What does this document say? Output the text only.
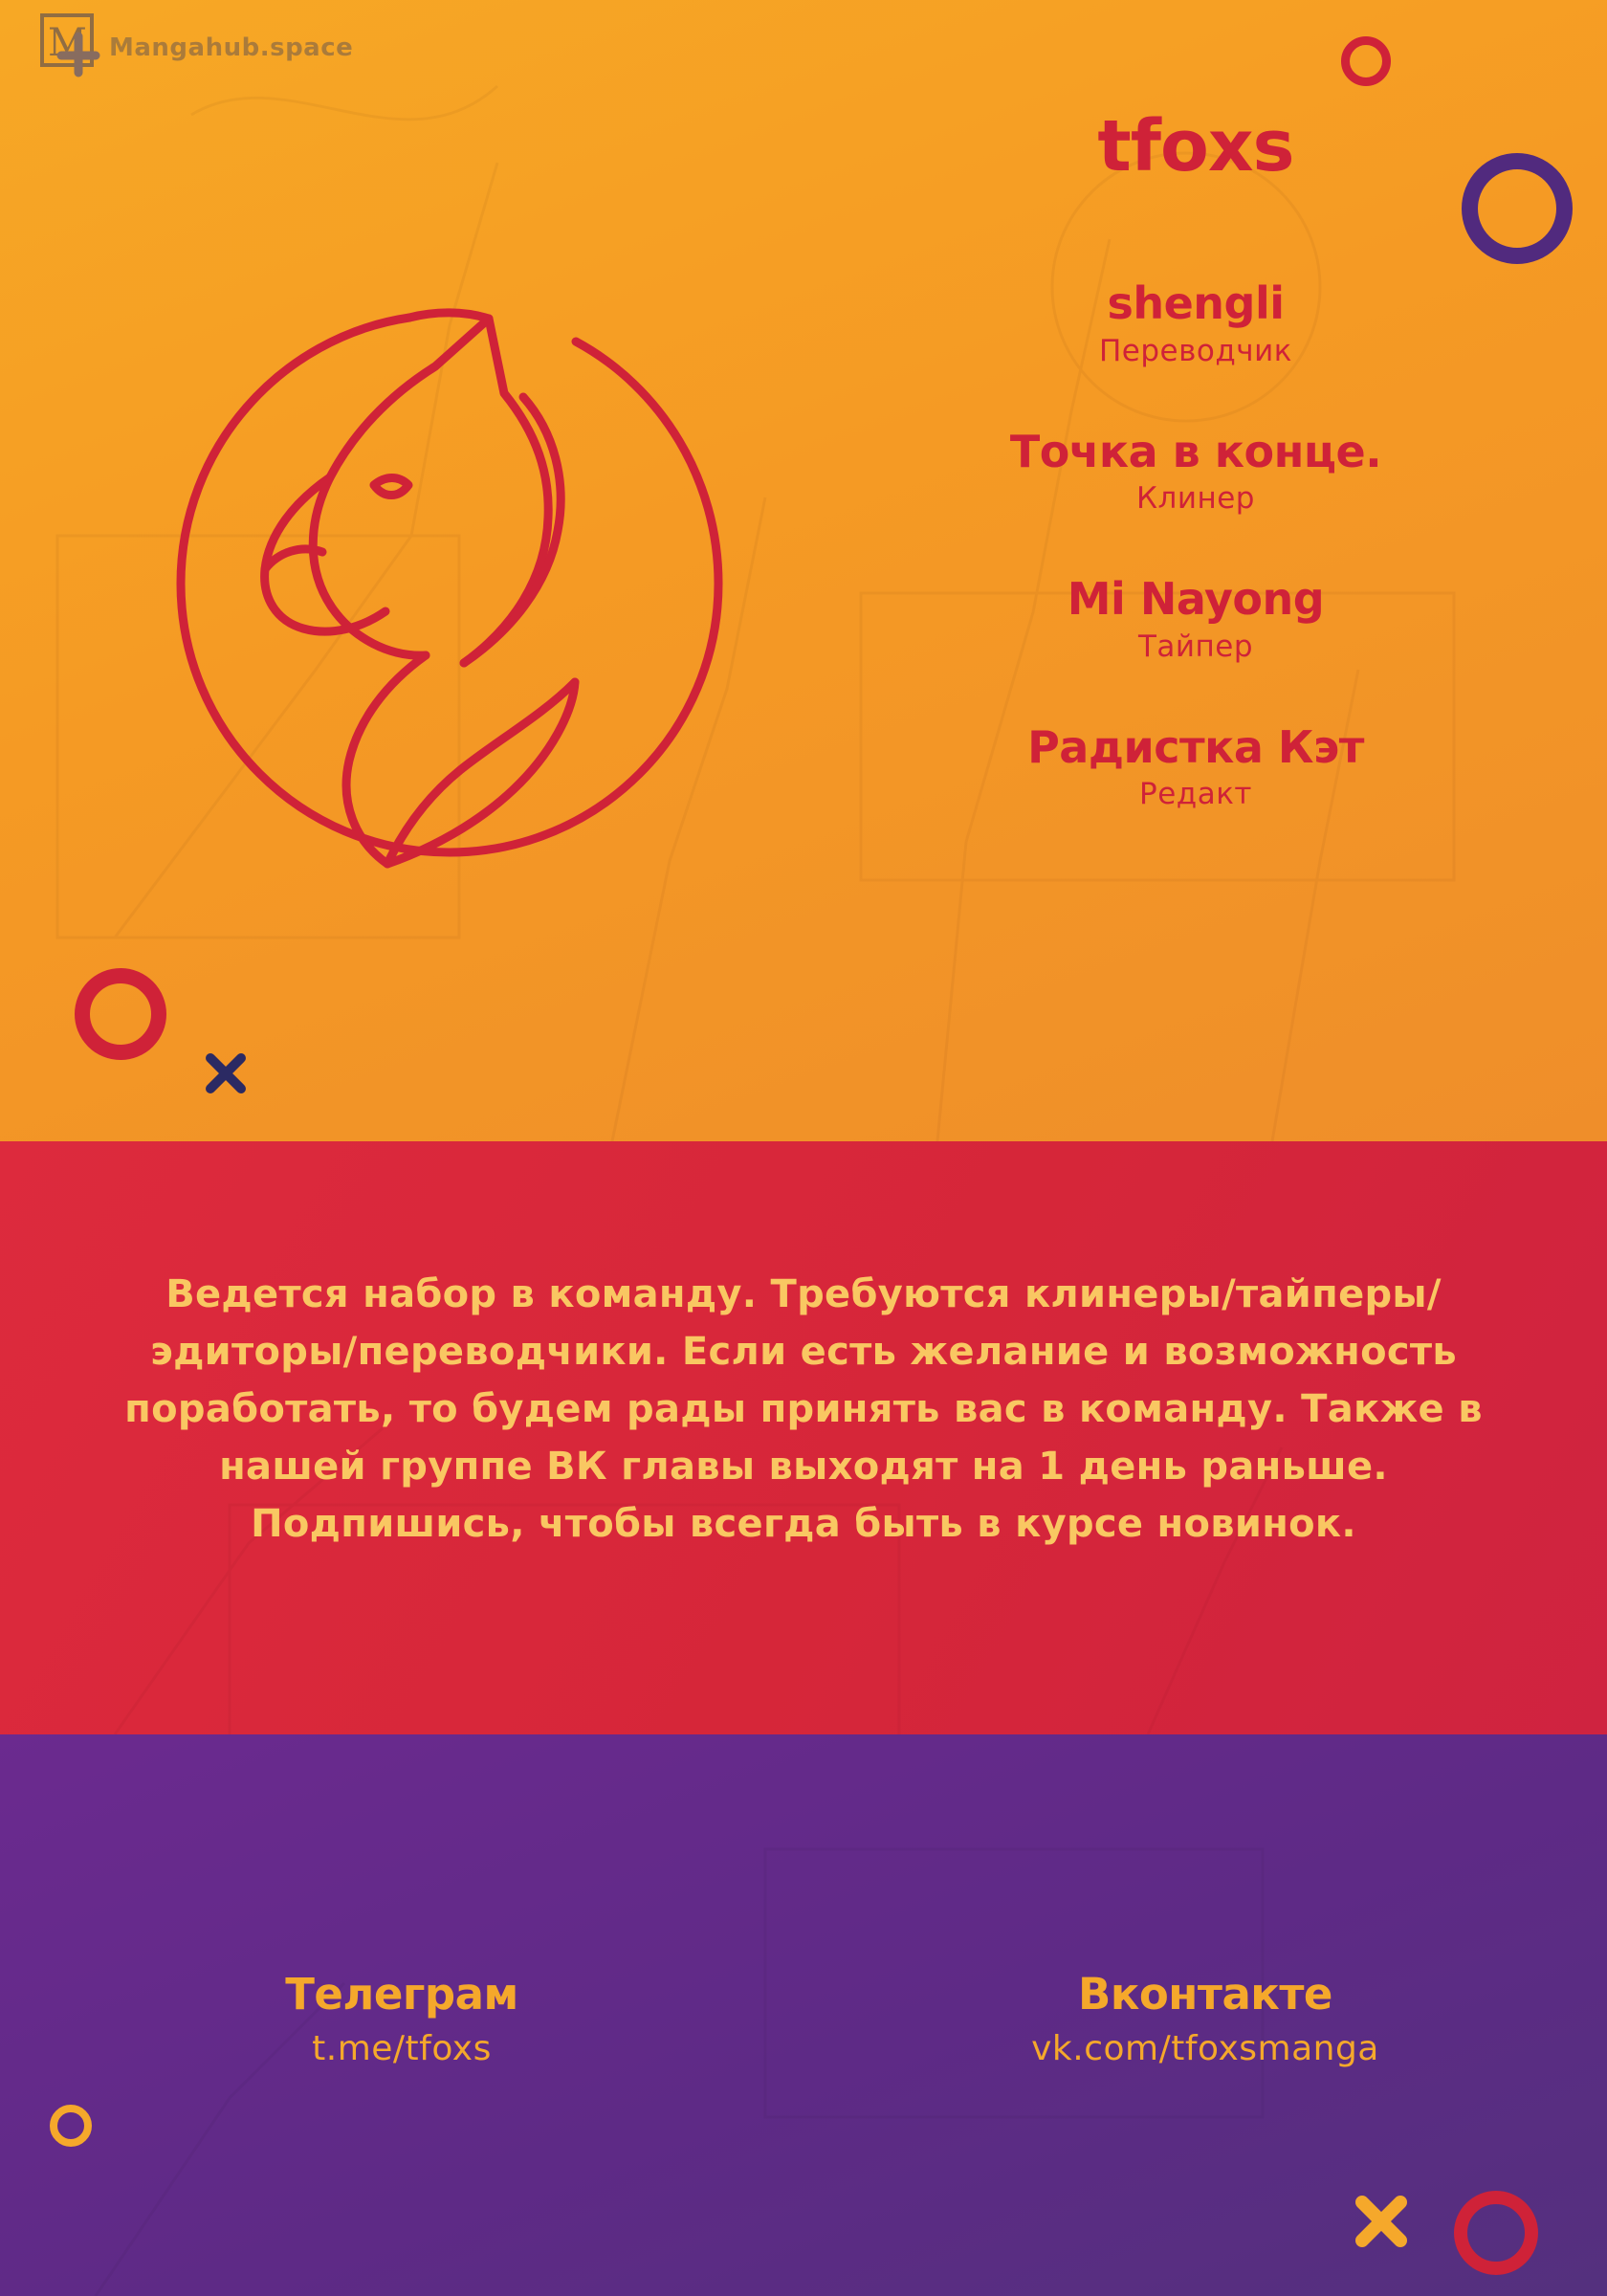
M Mangahub.space
tfoxs
shengli
Переводчик
Точка в конце.
Клинер
Mi Nayong
Тайпер
Радистка Кэт
Редакт
Ведется набор в команду. Требуются клинеры/тайперы/эдиторы/переводчики. Если есть желание и возможность поработать, то будем рады принять вас в команду. Также в нашей группе ВК главы выходят на 1 день раньше. Подпишись, чтобы всегда быть в курсе новинок.
Телеграм
t.me/tfoxs
Вконтакте
vk.com/tfoxsmanga
